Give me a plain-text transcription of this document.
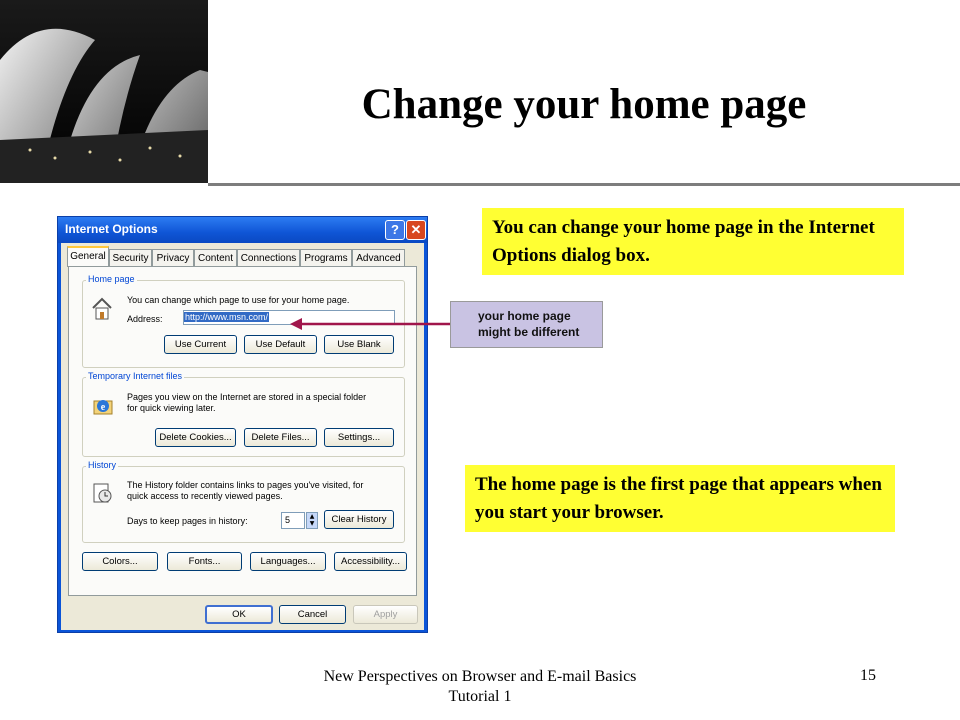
Change your home page
Internet Options	? ✕
General Security Privacy Content Connections Programs Advanced
Home page
You can change which page to use for your home page.
Address: http://www.msn.com/
Use Current	Use Default	Use Blank
Temporary Internet files
e
Pages you view on the Internet are stored in a special folder
for quick viewing later.
Delete Cookies...	Delete Files...	Settings...
History
The History folder contains links to pages you've visited, for
quick access to recently viewed pages.
Days to keep pages in history:	5	▲
▼	Clear History
Colors...	Fonts...	Languages...	Accessibility...
OK	Cancel	Apply
your home page
might be different
You can change your home page in the Internet Options dialog box.
The home page is the first page that appears when you start your browser.
New Perspectives on Browser and E-mail Basics
Tutorial 1
15
